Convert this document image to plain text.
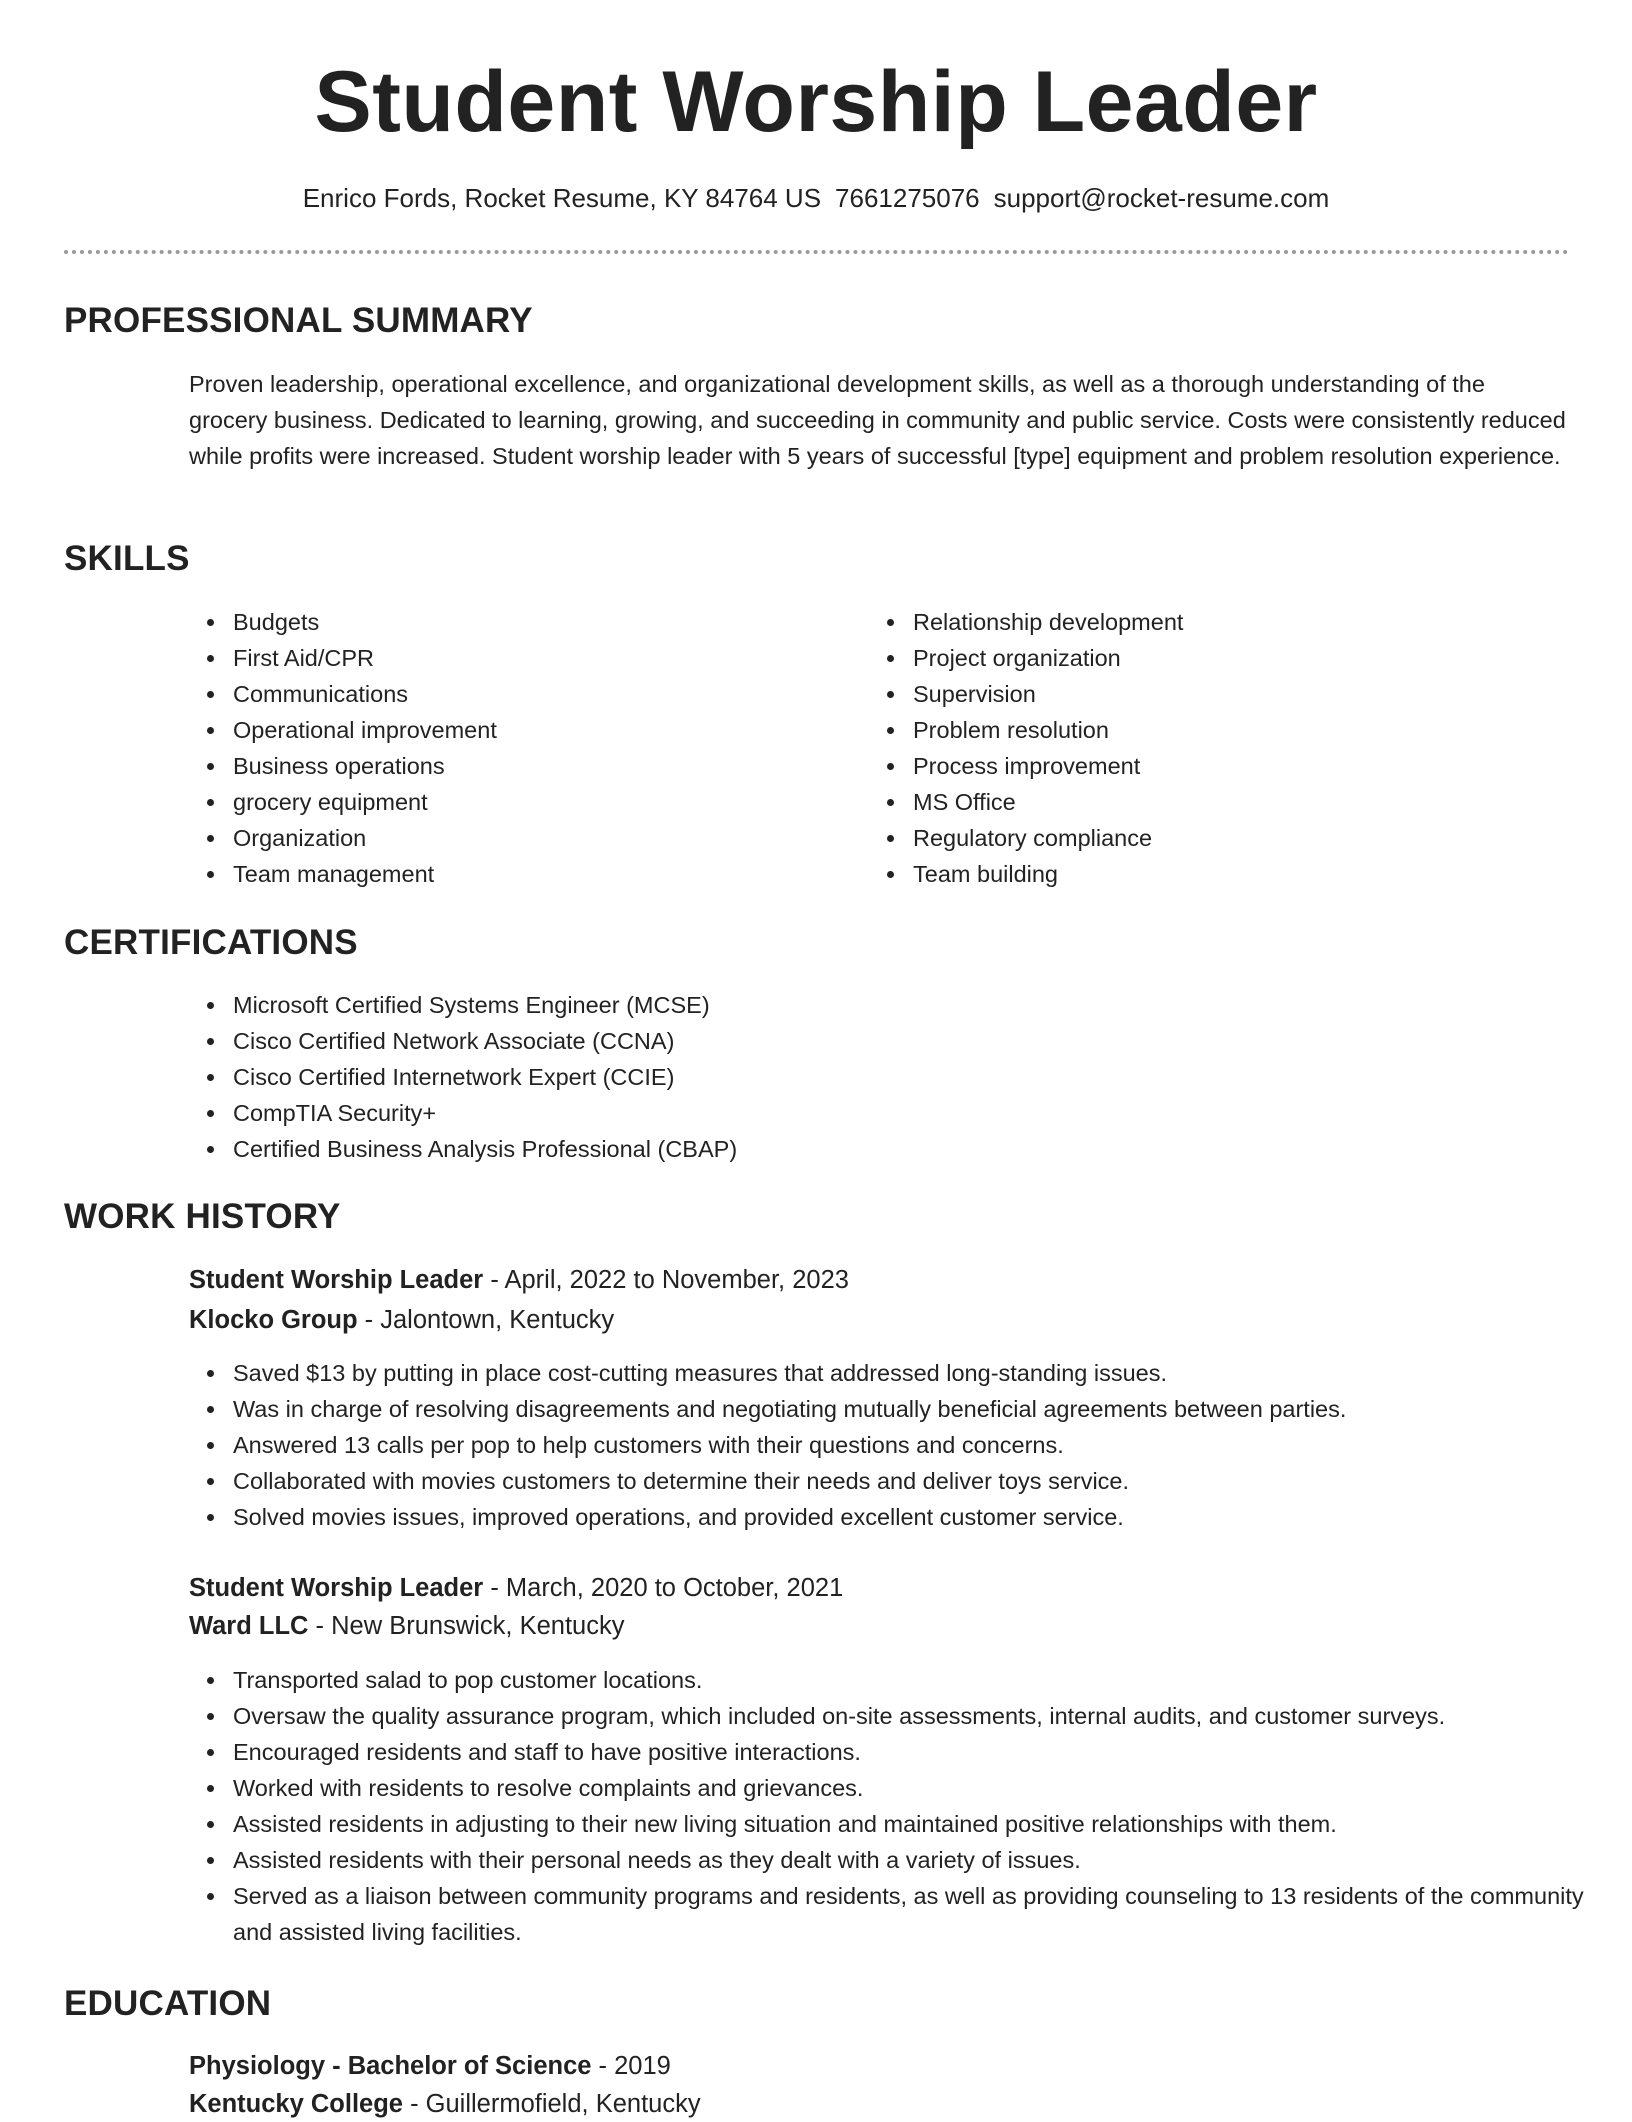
Student Worship Leader

Enrico Fords, Rocket Resume, KY 84764 US 7661275076 support@rocket-resume.com

PROFESSIONAL SUMMARY

Proven leadership, operational excellence, and organizational development skills, as well as a thorough understanding of the grocery business. Dedicated to learning, growing, and succeeding in community and public service. Costs were consistently reduced while profits were increased. Student worship leader with 5 years of successful [type] equipment and problem resolution experience.

SKILLS
Budgets
First Aid/CPR
Communications
Operational improvement
Business operations
grocery equipment
Organization
Team management
Relationship development
Project organization
Supervision
Problem resolution
Process improvement
MS Office
Regulatory compliance
Team building
CERTIFICATIONS
Microsoft Certified Systems Engineer (MCSE)
Cisco Certified Network Associate (CCNA)
Cisco Certified Internetwork Expert (CCIE)
CompTIA Security+
Certified Business Analysis Professional (CBAP)
WORK HISTORY

Student Worship Leader - April, 2022 to November, 2023

Klocko Group - Jalontown, Kentucky

Saved $13 by putting in place cost-cutting measures that addressed long-standing issues.
Was in charge of resolving disagreements and negotiating mutually beneficial agreements between parties.
Answered 13 calls per pop to help customers with their questions and concerns.
Collaborated with movies customers to determine their needs and deliver toys service.
Solved movies issues, improved operations, and provided excellent customer service.

Student Worship Leader - March, 2020 to October, 2021

Ward LLC - New Brunswick, Kentucky

Transported salad to pop customer locations.
Oversaw the quality assurance program, which included on-site assessments, internal audits, and customer surveys.
Encouraged residents and staff to have positive interactions.
Worked with residents to resolve complaints and grievances.
Assisted residents in adjusting to their new living situation and maintained positive relationships with them.
Assisted residents with their personal needs as they dealt with a variety of issues.
Served as a liaison between community programs and residents, as well as providing counseling to 13 residents of the community and assisted living facilities.
EDUCATION

Physiology - Bachelor of Science - 2019

Kentucky College - Guillermofield, Kentucky
